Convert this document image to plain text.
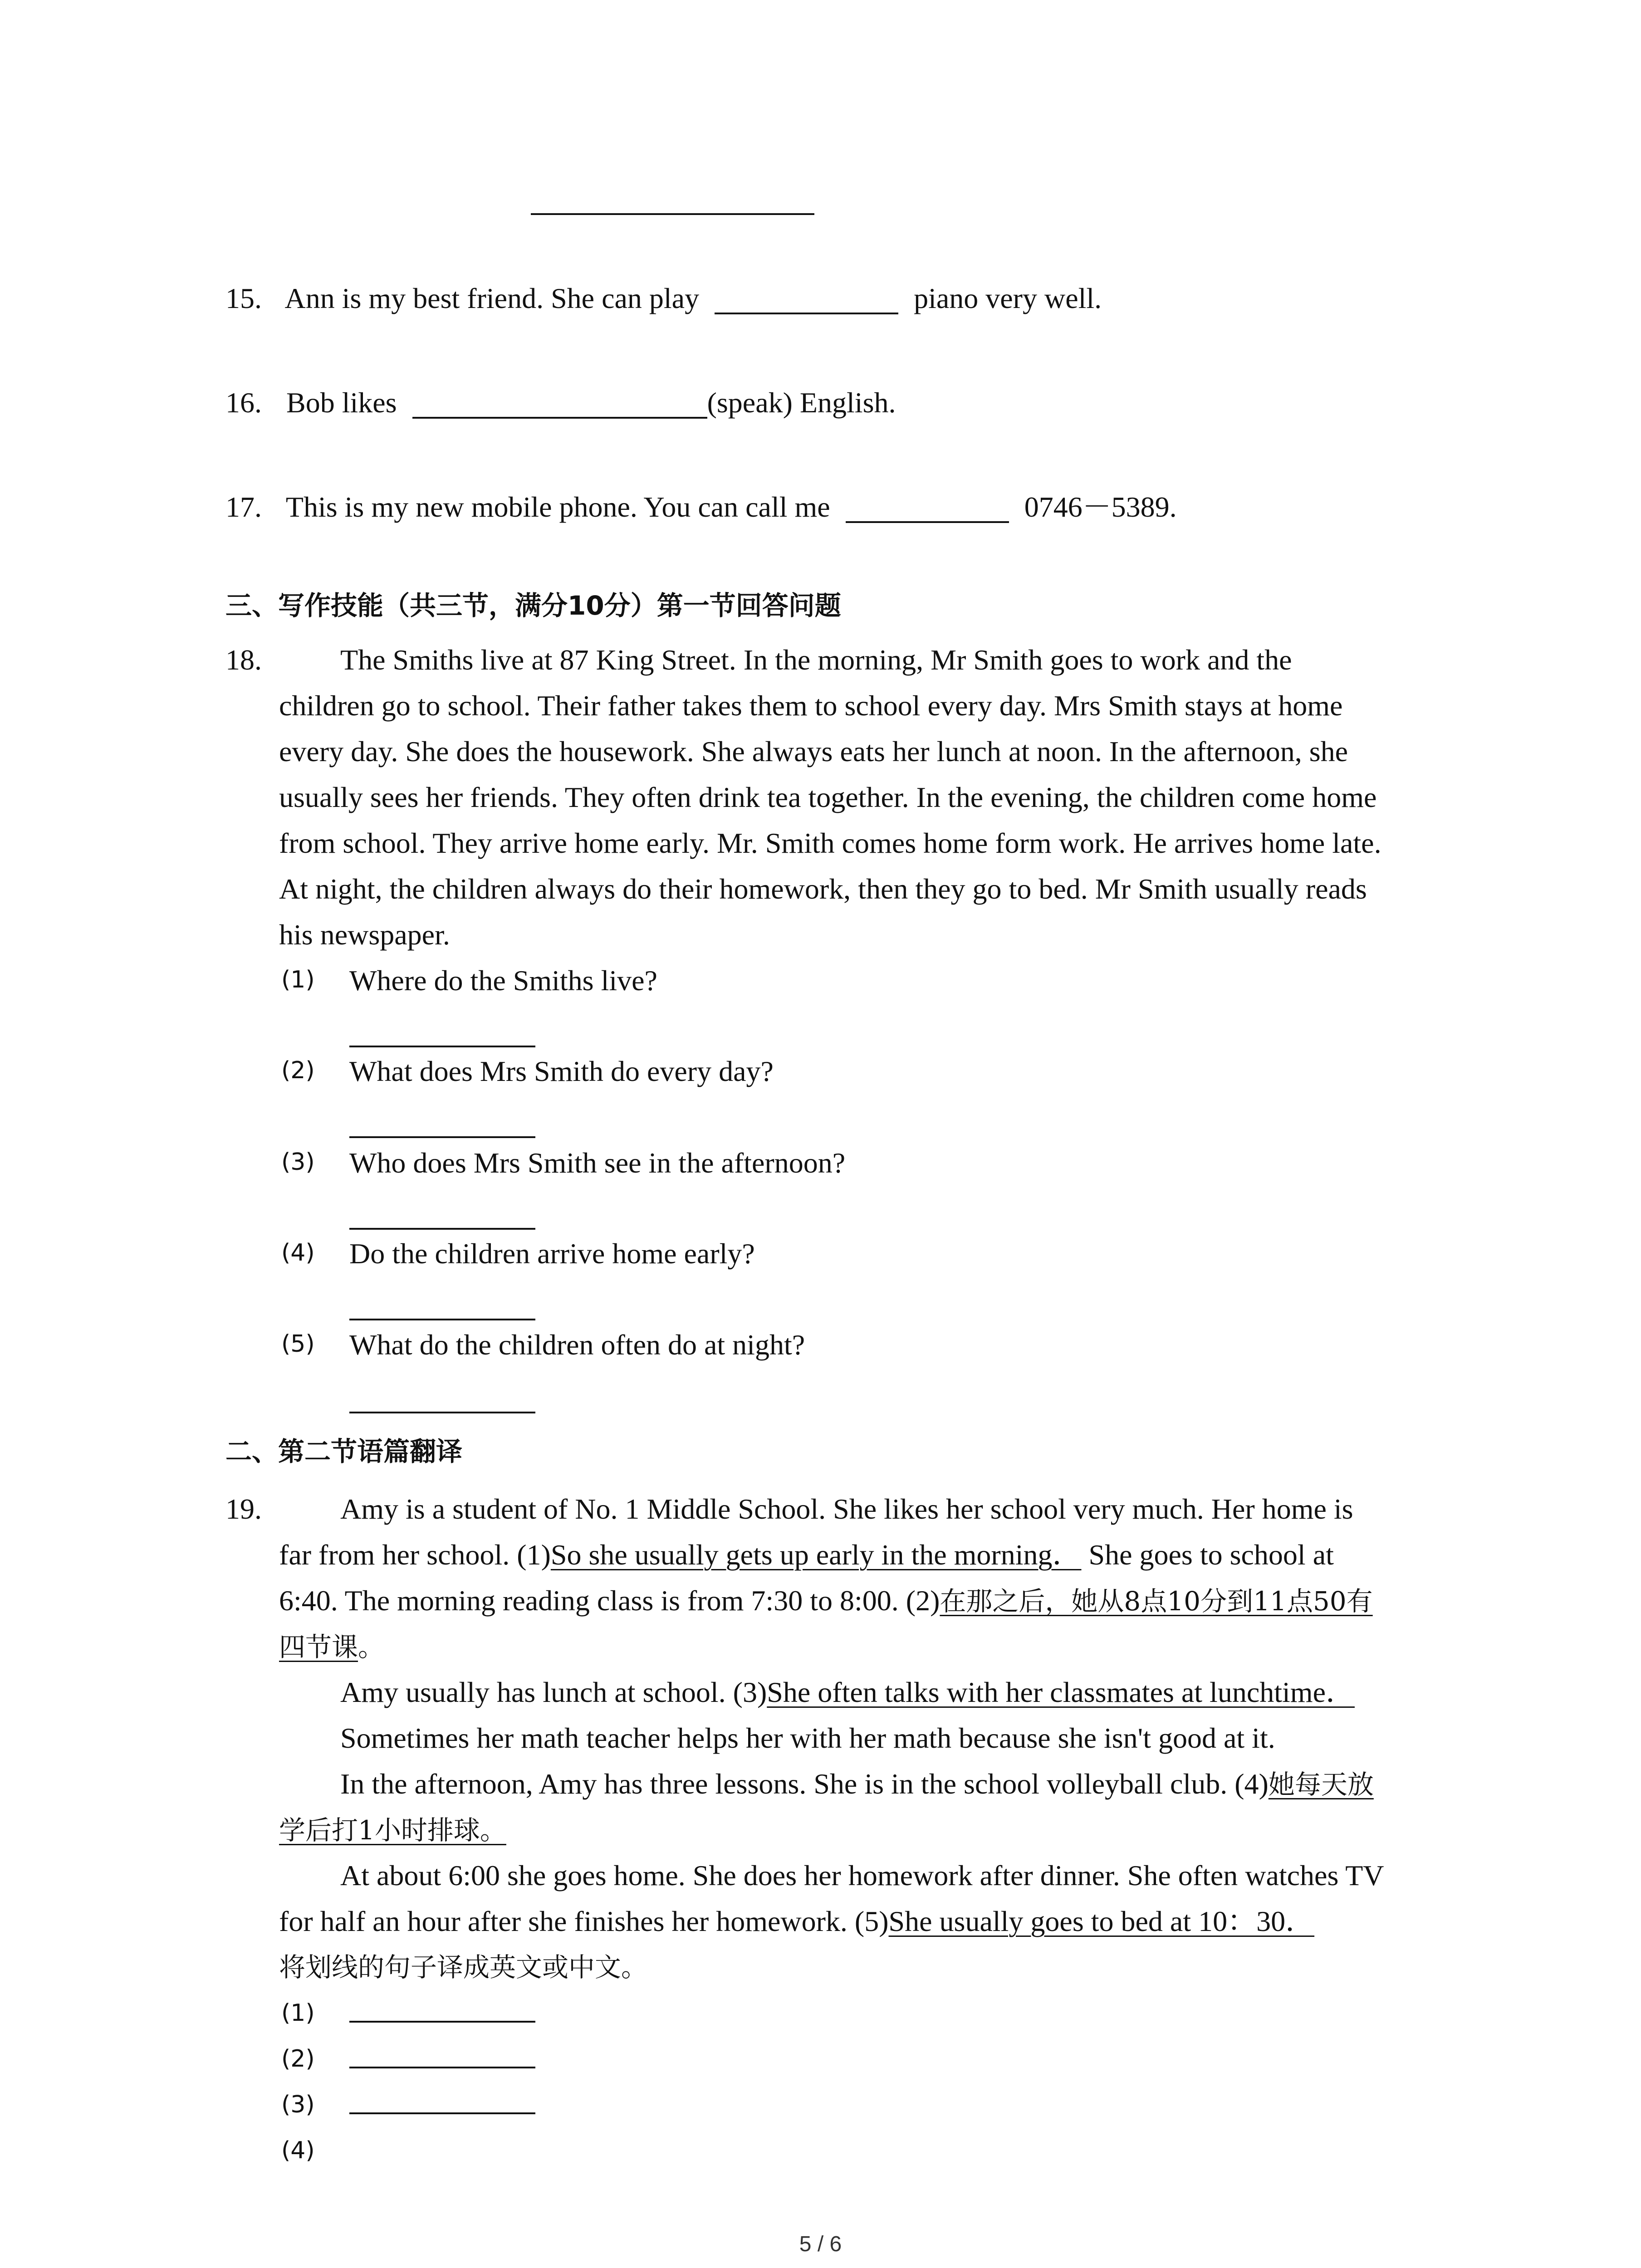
15. Ann is my best friend. She can play	piano very well.
16. Bob likes	(speak) English.
17. This is my new mobile phone. You can call me	0746－5389.
三、写作技能（共三节，满分10分）第一节回答问题
18.	The Smiths live at 87 King Street. In the morning, Mr Smith goes to work and the
children go to school. Their father takes them to school every day. Mrs Smith stays at home
every day. She does the housework. She always eats her lunch at noon. In the afternoon, she
usually sees her friends. They often drink tea together. In the evening, the children come home
from school. They arrive home early. Mr. Smith comes home form work. He arrives home late.
At night, the children always do their homework, then they go to bed. Mr Smith usually reads
his newspaper.
(1) Where do the Smiths live?
(2) What does Mrs Smith do every day?
(3) Who does Mrs Smith see in the afternoon?
(4) Do the children arrive home early?
(5) What do the children often do at night?
二、第二节语篇翻译
19.	Amy is a student of No. 1 Middle School. She likes her school very much. Her home is
far from her school. (1)So she usually gets up early in the morning． She goes to school at
6:40. The morning reading class is from 7:30 to 8:00. (2)在那之后，她从8点10分到11点50有
四节课。
Amy usually has lunch at school. (3)She often talks with her classmates at lunchtime．
Sometimes her math teacher helps her with her math because she isn't good at it.
In the afternoon, Amy has three lessons. She is in the school volleyball club. (4)她每天放
学后打1小时排球。
At about 6:00 she goes home. She does her homework after dinner. She often watches TV
for half an hour after she finishes her homework. (5)She usually goes to bed at 10：30．
将划线的句子译成英文或中文。
(1)
(2)
(3)
(4)
5 / 6
